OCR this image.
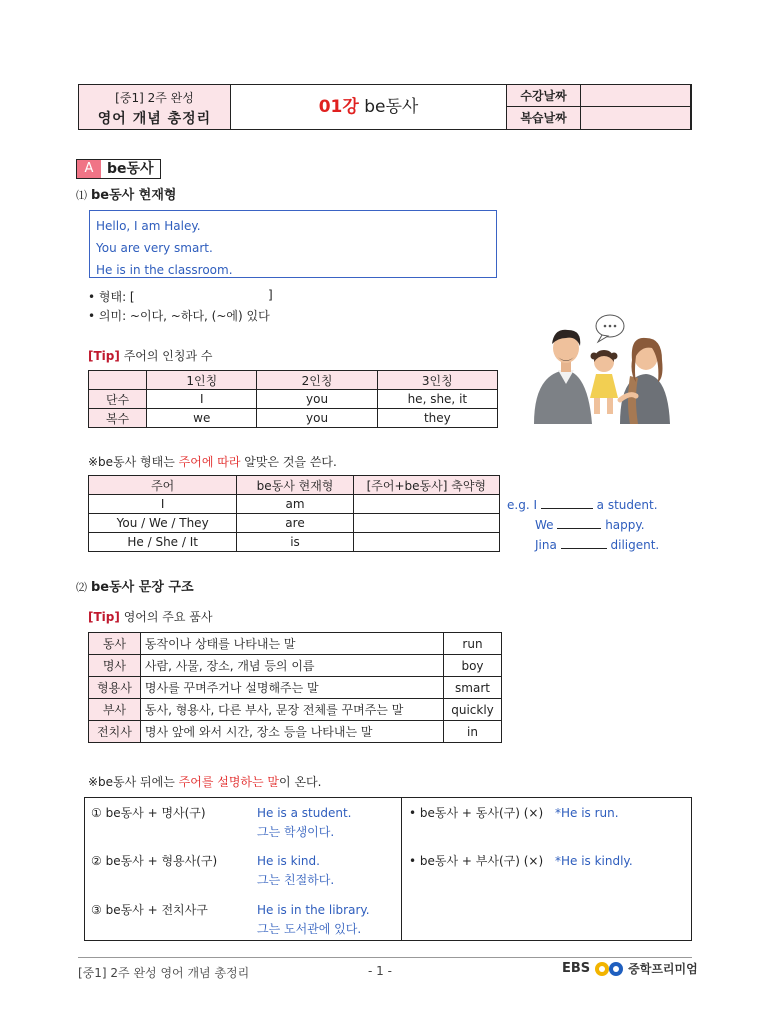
[중1] 2주 완성
영어 개념 총정리
01강 be동사
수강날짜
복습날짜
A be동사
⑴ be동사 현재형
Hello, I am Haley.
You are very smart.
He is in the classroom.
• 형태: [	]
• 의미: ~이다, ~하다, (~에) 있다
[Tip] 주어의 인칭과 수
	1인칭	2인칭	3인칭
단수	I	you	he, she, it
복수	we	you	they
※be동사 형태는 주어에 따라 알맞은 것을 쓴다.
주어	be동사 현재형	[주어+be동사] 축약형
I	am	
You / We / They	are	
He / She / It	is	
e.g. I	a student.
We	happy.
Jina	diligent.
⑵ be동사 문장 구조
[Tip] 영어의 주요 품사
동사	동작이나 상태를 나타내는 말	run
명사	사람, 사물, 장소, 개념 등의 이름	boy
형용사	명사를 꾸며주거나 설명해주는 말	smart
부사	동사, 형용사, 다른 부사, 문장 전체를 꾸며주는 말	quickly
전치사	명사 앞에 와서 시간, 장소 등을 나타내는 말	in
※be동사 뒤에는 주어를 설명하는 말이 온다.
① be동사 + 명사(구)	He is a student.
그는 학생이다.
② be동사 + 형용사(구)	He is kind.
그는 친절하다.
③ be동사 + 전치사구	He is in the library.
그는 도서관에 있다.
• be동사 + 동사(구) (×) *He is run.
• be동사 + 부사(구) (×) *He is kindly.
[중1] 2주 완성 영어 개념 총정리	- 1 -	EBS	중학프리미엄
